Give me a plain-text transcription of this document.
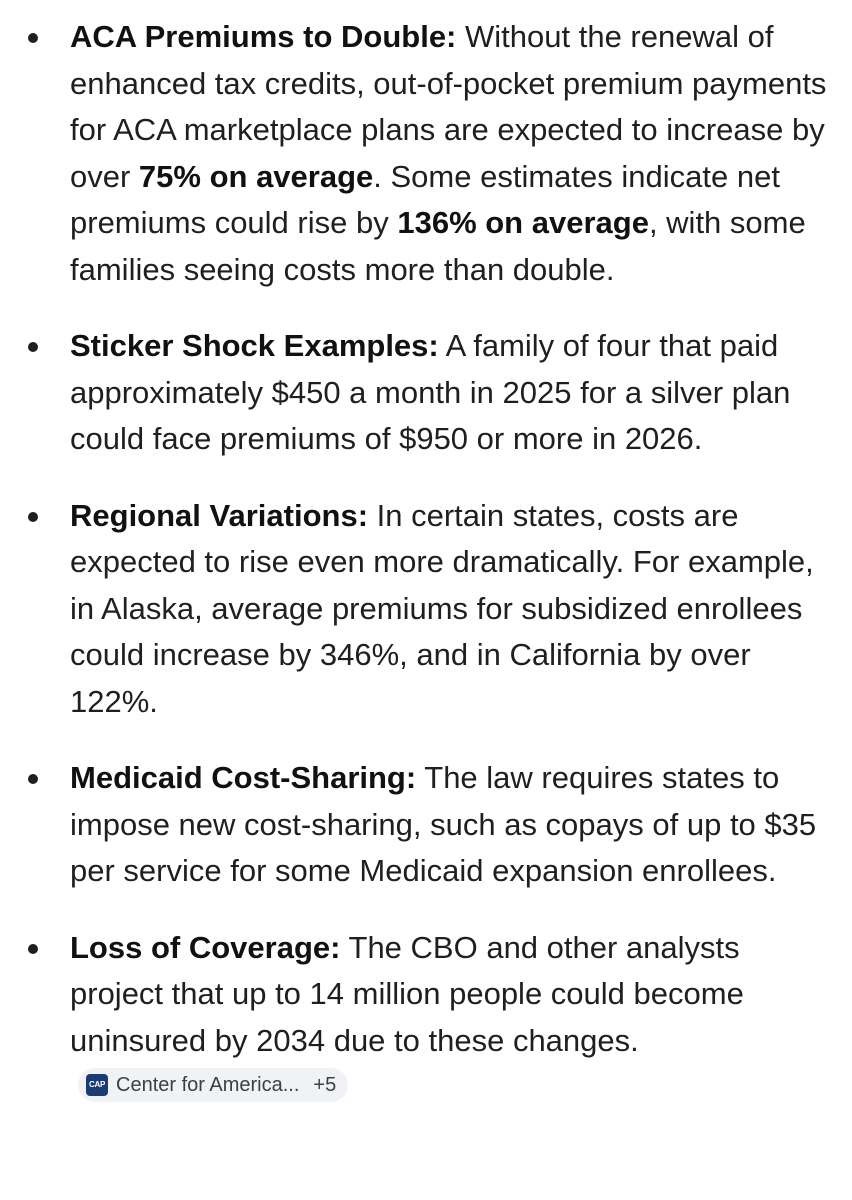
ACA Premiums to Double: Without the renewal of enhanced tax credits, out-of-pocket premium payments for ACA marketplace plans are expected to increase by over 75% on average. Some estimates indicate net premiums could rise by 136% on average, with some families seeing costs more than double.
Sticker Shock Examples: A family of four that paid approximately $450 a month in 2025 for a silver plan could face premiums of $950 or more in 2026.
Regional Variations: In certain states, costs are expected to rise even more dramatically. For example, in Alaska, average premiums for subsidized enrollees could increase by 346%, and in California by over 122%.
Medicaid Cost-Sharing: The law requires states to impose new cost-sharing, such as copays of up to $35 per service for some Medicaid expansion enrollees.
Loss of Coverage: The CBO and other analysts project that up to 14 million people could become uninsured by 2034 due to these changes.
CAP Center for America... +5
